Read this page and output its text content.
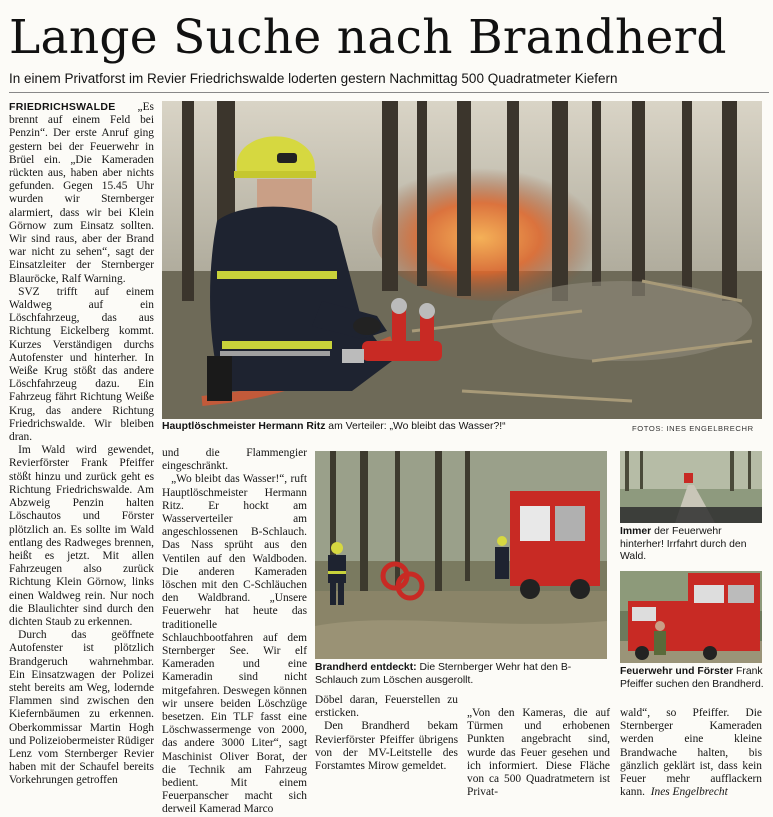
Lange Suche nach Brandherd
In einem Privatforst im Revier Friedrichswalde loderten gestern Nachmittag 500 Quadratmeter Kiefern

FRIEDRICHSWALDE „Es brennt auf einem Feld bei Penzin“. Der erste Anruf ging gestern bei der Feuerwehr in Brüel ein. „Die Kameraden rückten aus, haben aber nichts gefunden. Gegen 15.45 Uhr wurden wir Sternberger alarmiert, dass wir bei Klein Görnow zum Einsatz sollten. Wir sind raus, aber der Brand war nicht zu sehen“, sagt der Einsatzleiter der Sternberger Blauröcke, Ralf Warning.

SVZ trifft auf einem Waldweg auf ein Löschfahrzeug, das aus Richtung Eickelberg kommt. Kurzes Verständigen durchs Autofenster und hinterher. In Weiße Krug stößt das andere Löschfahrzeug dazu. Ein Fahrzeug fährt Richtung Weiße Krug, das andere Richtung Friedrichswalde. Wir bleiben dran.

Im Wald wird gewendet, Revierförster Frank Pfeiffer stößt hinzu und zurück geht es Richtung Friedrichswalde. Am Abzweig Penzin halten Löschautos und Förster plötzlich an. Es sollte im Wald entlang des Radweges brennen, heißt es jetzt. Mit allen Fahrzeugen also zurück Richtung Klein Görnow, links einen Waldweg rein. Nur noch die Blaulichter sind durch den dichten Staub zu erkennen.

Durch das geöffnete Autofenster ist plötzlich Brandgeruch wahrnehmbar. Ein Einsatzwagen der Polizei steht bereits am Weg, lodernde Flammen sind zwischen den Kiefernbäumen zu erkennen. Oberkommissar Martin Hogh und Polizeiobermeister Rüdiger Lenz vom Sternberger Revier haben mit der Schaufel bereits Vorkehrungen getroffen

Hauptlöschmeister Hermann Ritz am Verteiler: „Wo bleibt das Wasser?!“	FOTOS: INES ENGELBRECHR

und die Flammengier eingeschränkt.

„Wo bleibt das Wasser!“, ruft Hauptlöschmeister Hermann Ritz. Er hockt am Wasserverteiler am angeschlossenen B-Schlauch. Das Nass sprüht aus den Ventilen auf den Waldboden. Die anderen Kameraden löschen mit den C-Schläuchen den Waldbrand. „Unsere Feuerwehr hat heute das traditionelle Schlauchbootfahren auf dem Sternberger See. Wir elf Kameraden und eine Kameradin sind nicht mitgefahren. Deswegen können wir unsere beiden Löschzüge besetzen. Ein TLF fasst eine Löschwassermenge von 2000, das andere 3000 Liter“, sagt Maschinist Oliver Borat, der die Technik am Fahrzeug bedient. Mit einem Feuerpanscher macht sich derweil Kamerad Marco

Brandherd entdeckt: Die Sternberger Wehr hat den B-Schlauch zum Löschen ausgerollt.

Döbel daran, Feuerstellen zu ersticken.

Den Brandherd bekam Revierförster Pfeiffer übrigens von der MV-Leitstelle des Forstamtes Mirow gemeldet.

„Von den Kameras, die auf Türmen und erhobenen Punkten angebracht sind, wurde das Feuer gesehen und ich informiert. Diese Fläche von ca 500 Quadratmetern ist Privat-

Immer der Feuerwehr hinterher! Irrfahrt durch den Wald.
Feuerwehr und Förster Frank Pfeiffer suchen den Brandherd.

wald“, so Pfeiffer. Die Sternberger Kameraden werden eine kleine Brandwache halten, bis gänzlich geklärt ist, dass kein Feuer mehr aufflackern kann. Ines Engelbrecht
